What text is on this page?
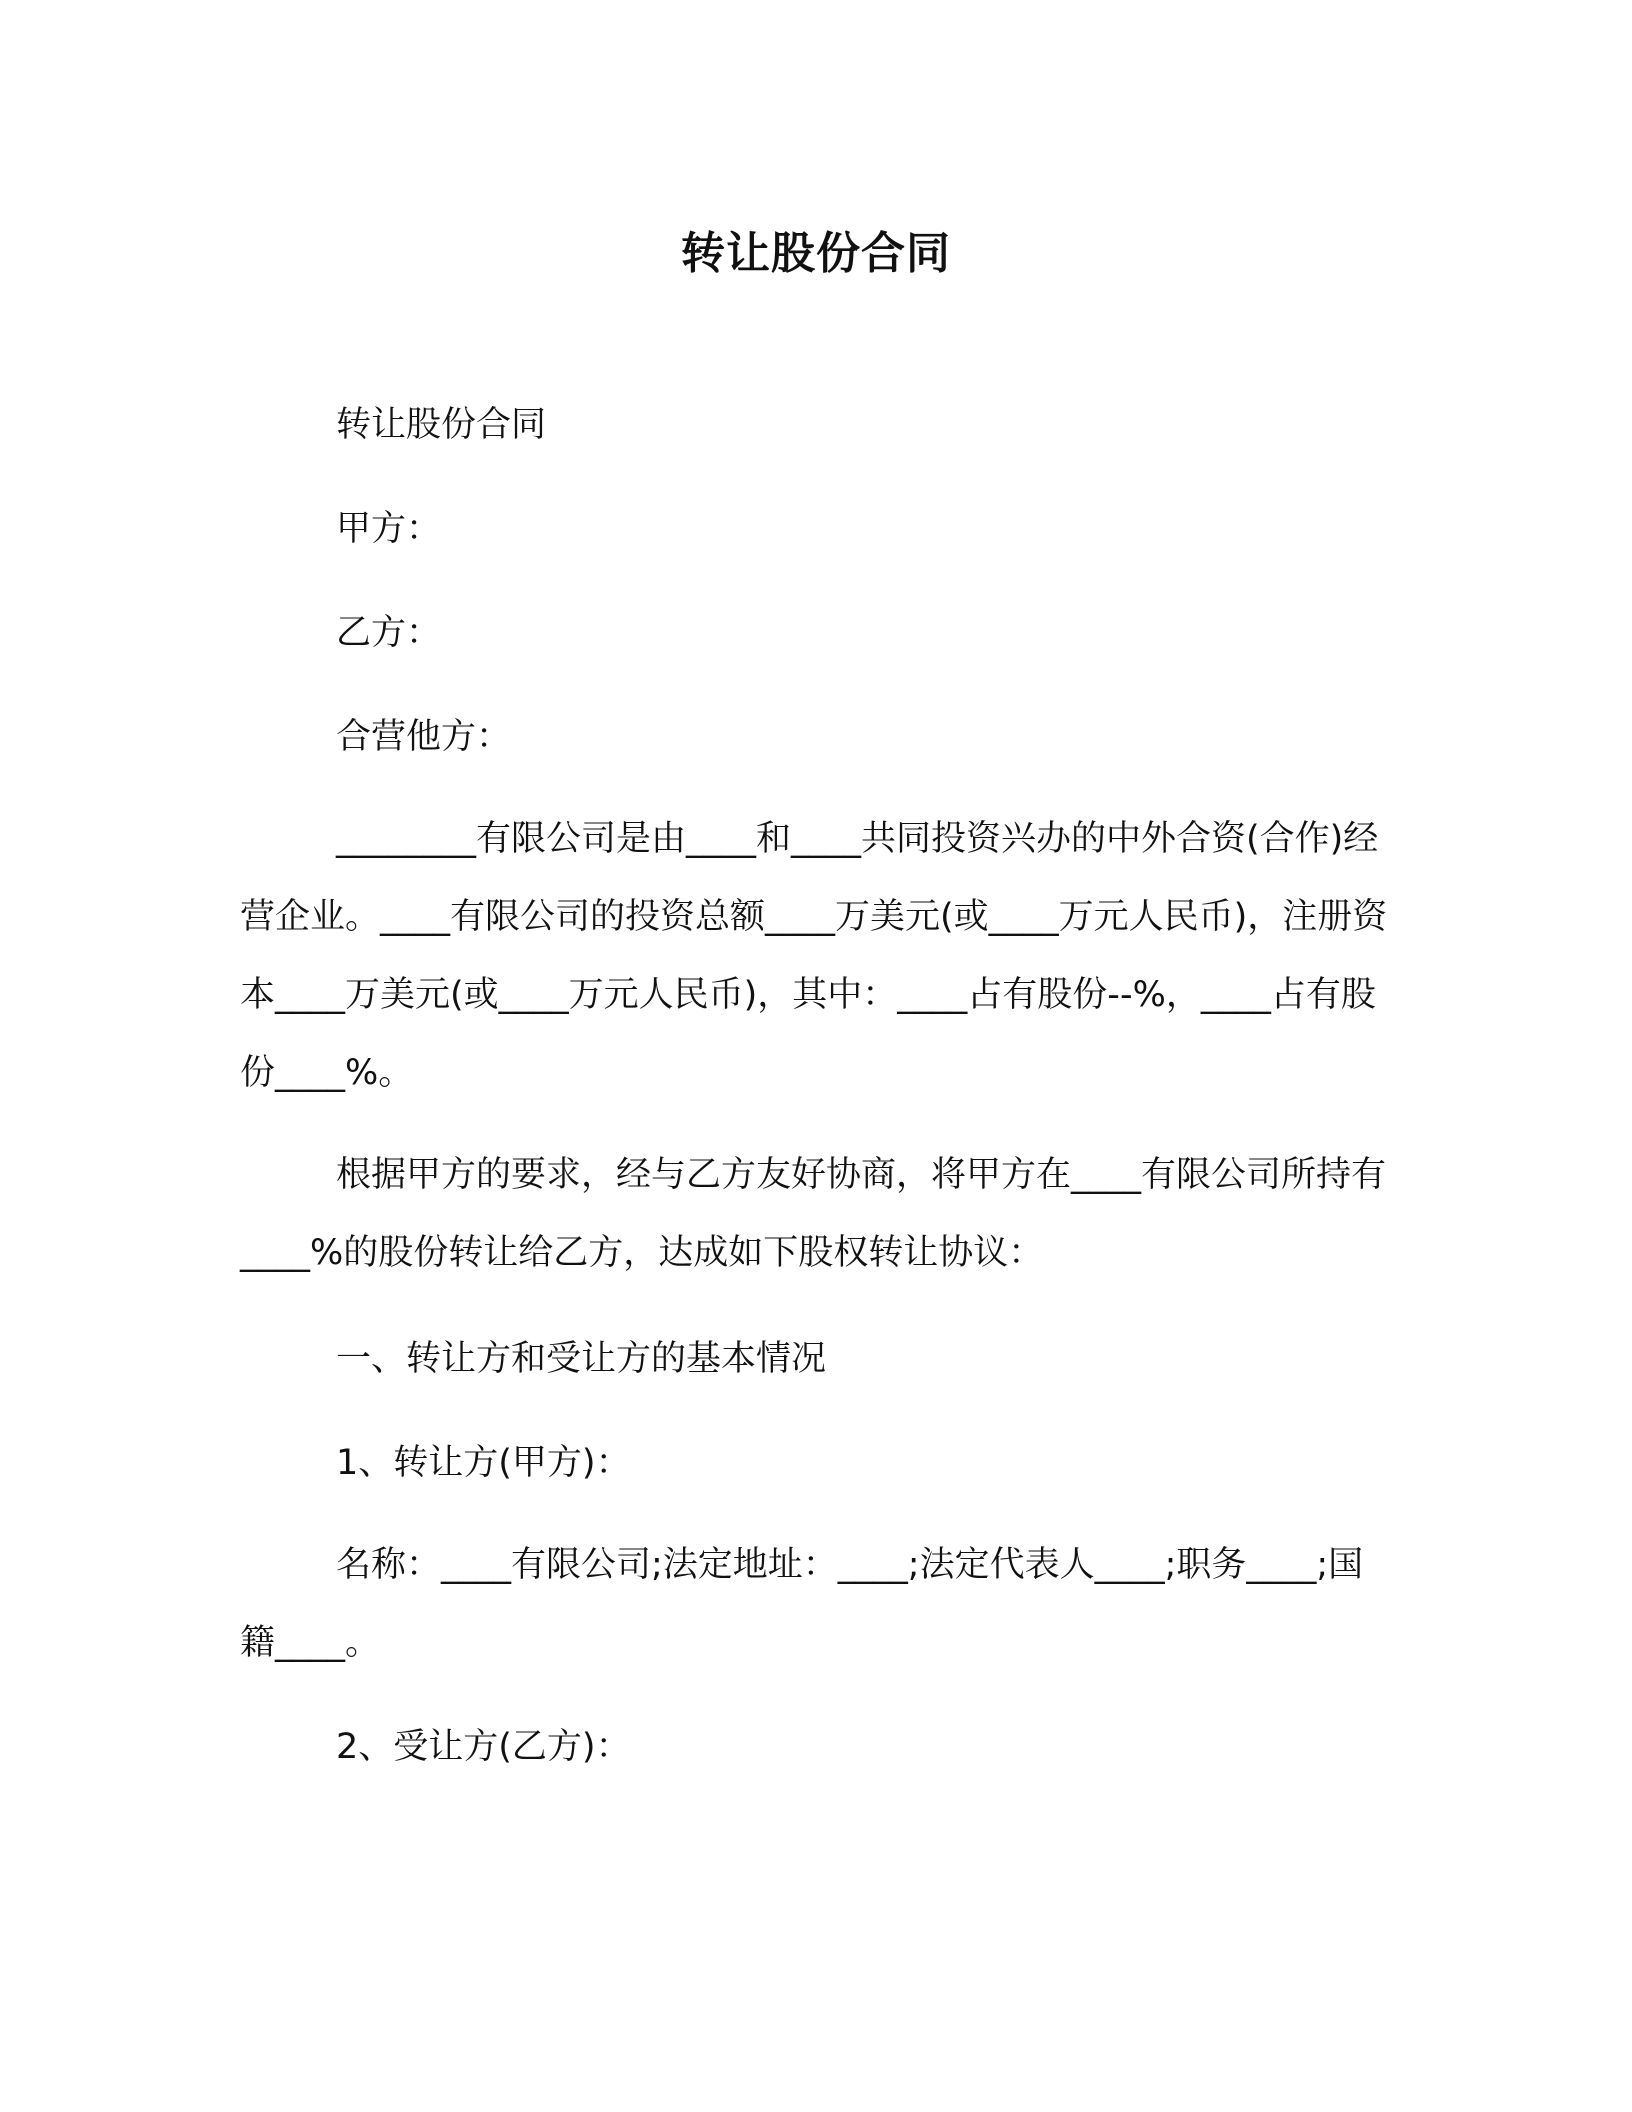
转让股份合同
转让股份合同
甲方：
乙方：
合营他方：

________有限公司是由____和____共同投资兴办的中外合资(合作)经营企业。____有限公司的投资总额____万美元(或____万元人民币)，注册资本____万美元(或____万元人民币)，其中：____占有股份--%，____占有股份____%。

根据甲方的要求，经与乙方友好协商，将甲方在____有限公司所持有____%的股份转让给乙方，达成如下股权转让协议：

一、转让方和受让方的基本情况
1、转让方(甲方)：

名称：____有限公司;法定地址：____;法定代表人____;职务____;国籍____。

2、受让方(乙方)：
